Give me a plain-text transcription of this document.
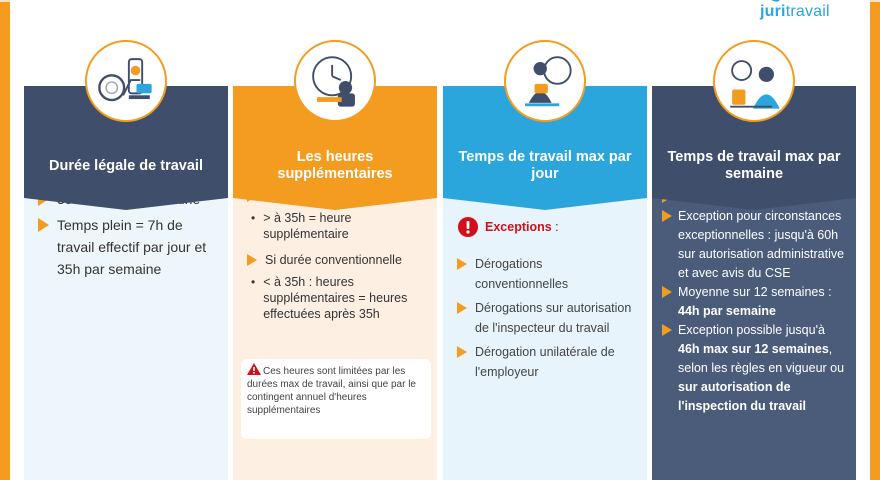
juritravail
Durée légale de travail
Temps plein = 7h de travail effectif par jour et 35h par semaine
Les heures supplémentaires
• > à 35h = heure supplémentaire
Si durée conventionnelle
• < à 35h : heures supplémentaires = heures effectuées après 35h
Ces heures sont limitées par les durées max de travail, ainsi que par le contingent annuel d'heures supplémentaires
Temps de travail max par jour
Exceptions :
Dérogations conventionnelles
Dérogations sur autorisation de l'inspecteur du travail
Dérogation unilatérale de l'employeur
Temps de travail max par semaine
Exception pour circonstances exceptionnelles : jusqu'à 60h sur autorisation administrative et avec avis du CSE
Moyenne sur 12 semaines : 44h par semaine
Exception possible jusqu'à 46h max sur 12 semaines, selon les règles en vigueur ou sur autorisation de l'inspection du travail
